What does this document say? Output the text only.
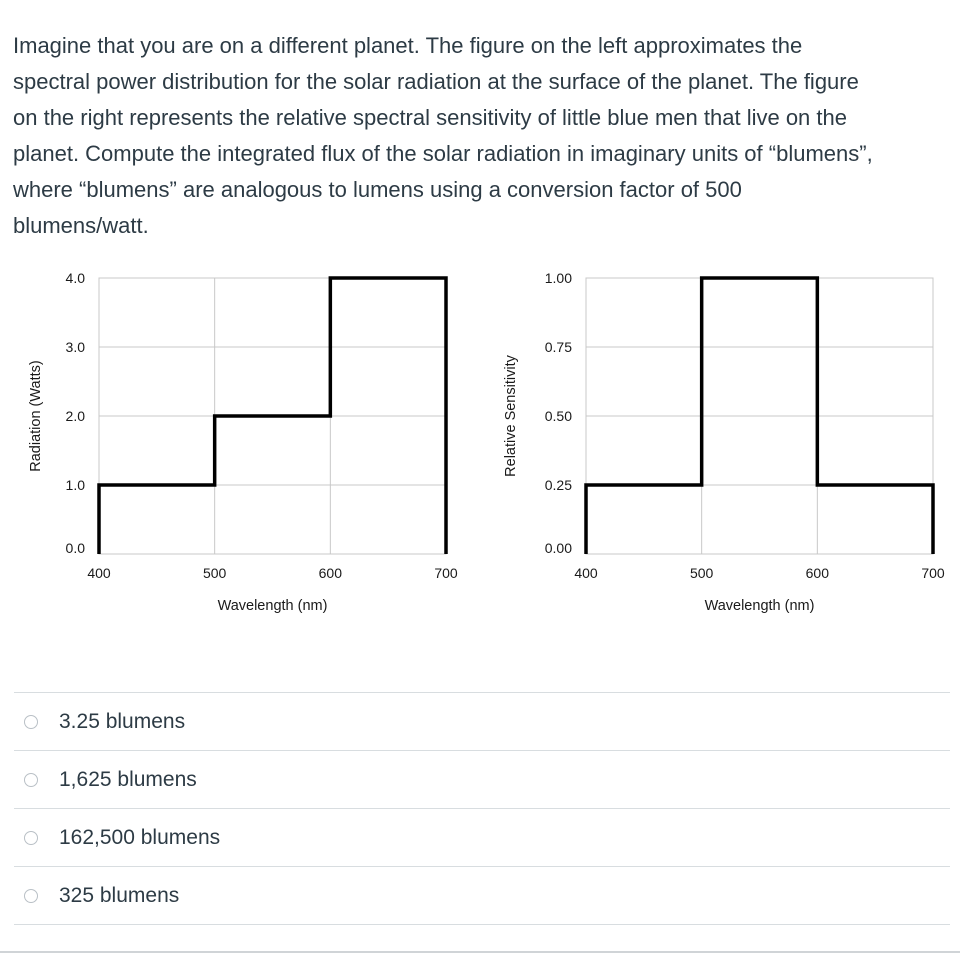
Imagine that you are on a different planet. The figure on the left approximates the

spectral power distribution for the solar radiation at the surface of the planet. The figure

on the right represents the relative spectral sensitivity of little blue men that live on the

planet. Compute the integrated flux of the solar radiation in imaginary units of “blumens”,

where “blumens” are analogous to lumens using a conversion factor of 500

blumens/watt.

400	500	600	700
0.0
1.0
2.0
3.0
4.0
Wavelength (nm)
Radiation (Watts)
400	500	600	700
0.00
0.25
0.50
0.75
1.00
Wavelength (nm)
Relative Sensitivity
3.25 blumens
1,625 blumens
162,500 blumens
325 blumens
